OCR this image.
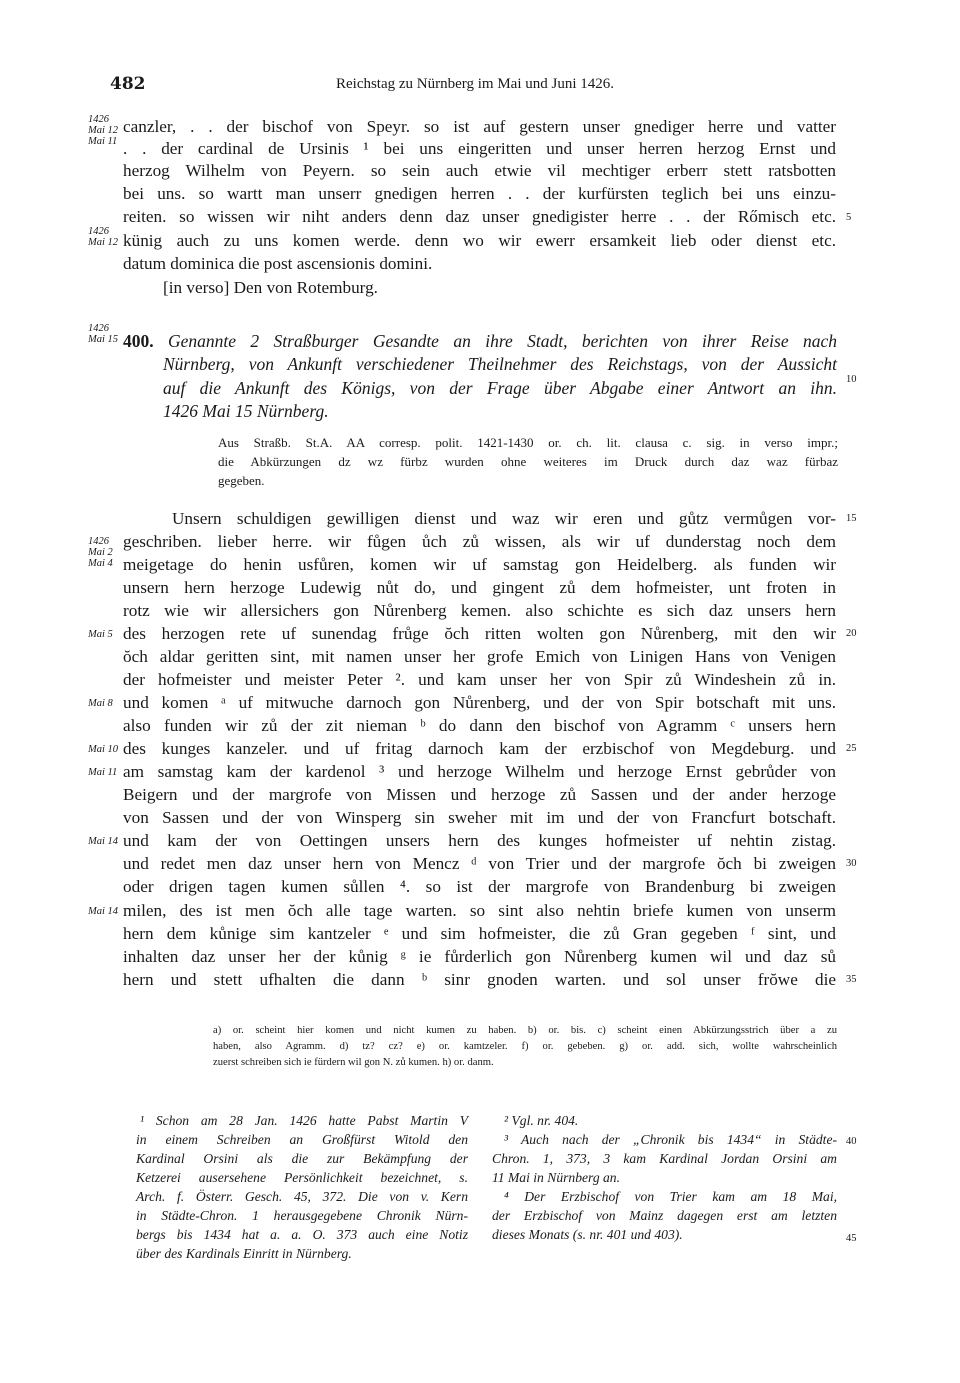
482	Reichstag zu Nürnberg im Mai und Juni 1426.
canzler, . . der bischof von Speyr. so ist auf gestern unser gnediger herre und vatter
. . der cardinal de Ursinis ¹ bei uns eingeritten und unser herren herzog Ernst und
herzog Wilhelm von Peyern. so sein auch etwie vil mechtiger erberr stett ratsbotten
bei uns. so wartt man unserr gnedigen herren . . der kurfürsten teglich bei uns einzu-
reiten. so wissen wir niht anders denn daz unser gnedigister herre . . der Rőmisch etc.
künig auch zu uns komen werde. denn wo wir ewerr ersamkeit lieb oder dienst etc.
datum dominica die post ascensionis domini.
[in verso] Den von Rotemburg.
1426
Mai 12
Mai 11
1426
Mai 12
1426
Mai 15 400. Genannte 2 Straßburger Gesandte an ihre Stadt, berichten von ihrer Reise nach
Nürnberg, von Ankunft verschiedener Theilnehmer des Reichstags, von der Aussicht
auf die Ankunft des Königs, von der Frage über Abgabe einer Antwort an ihn.
1426 Mai 15 Nürnberg.
Aus Straßb. St.A. AA corresp. polit. 1421-1430 or. ch. lit. clausa c. sig. in verso impr.;
die Abkürzungen dz wz fürbz wurden ohne weiteres im Druck durch daz waz fürbaz
gegeben.
Unsern schuldigen gewilligen dienst und waz wir eren und gůtz vermůgen vor-
geschriben. lieber herre. wir fůgen ůch zů wissen, als wir uf dunderstag noch dem
meigetage do henin usfůren, komen wir uf samstag gon Heidelberg. als funden wir
unsern hern herzoge Ludewig nůt do, und gingent zů dem hofmeister, unt froten in
rotz wie wir allersichers gon Nůrenberg kemen. also schichte es sich daz unsers hern
des herzogen rete uf sunendag frůge ŏch ritten wolten gon Nůrenberg, mit den wir
ŏch aldar geritten sint, mit namen unser her grofe Emich von Linigen Hans von Venigen
der hofmeister und meister Peter ². und kam unser her von Spir zů Windeshein zů in.
und komen ᵃ uf mitwuche darnoch gon Nůrenberg, und der von Spir botschaft mit uns.
also funden wir zů der zit nieman ᵇ do dann den bischof von Agramm ᶜ unsers hern
des kunges kanzeler. und uf fritag darnoch kam der erzbischof von Megdeburg. und
am samstag kam der kardenol ³ und herzoge Wilhelm und herzoge Ernst gebrůder von
Beigern und der margrofe von Missen und herzoge zů Sassen und der ander herzoge
von Sassen und der von Winsperg sin sweher mit im und der von Francfurt botschaft.
und kam der von Oettingen unsers hern des kunges hofmeister uf nehtin zistag.
und redet men daz unser hern von Mencz ᵈ von Trier und der margrofe ŏch bi zweigen
oder drigen tagen kumen sůllen ⁴. so ist der margrofe von Brandenburg bi zweigen
milen, des ist men ŏch alle tage warten. so sint also nehtin briefe kumen von unserm
hern dem kůnige sim kantzeler ᵉ und sim hofmeister, die zů Gran gegeben ᶠ sint, und
inhalten daz unser her der kůnig ᵍ ie fůrderlich gon Nůrenberg kumen wil und daz sů
hern und stett ufhalten die dann ᵇ sinr gnoden warten. und sol unser frŏwe die
1426
Mai 2
Mai 4
Mai 5
Mai 8
Mai 10
Mai 11
Mai 14
Mai 14
5
10
15
20
25
30
35
40
45
a) or. scheint hier komen und nicht kumen zu haben. b) or. bis. c) scheint einen Abkürzungsstrich über a zu
haben, also Agramm. d) tz? cz? e) or. kamtzeler. f) or. gebeben. g) or. add. sich, wollte wahrscheinlich
zuerst schreiben sich ie fürdern wil gon N. zů kumen. h) or. danm.
¹ Schon am 28 Jan. 1426 hatte Pabst Martin V
in einem Schreiben an Großfürst Witold den
Kardinal Orsini als die zur Bekämpfung der
Ketzerei ausersehene Persönlichkeit bezeichnet, s.
Arch. f. Österr. Gesch. 45, 372. Die von v. Kern
in Städte-Chron. 1 herausgegebene Chronik Nürn-
bergs bis 1434 hat a. a. O. 373 auch eine Notiz
über des Kardinals Einritt in Nürnberg.
² Vgl. nr. 404.
³ Auch nach der „Chronik bis 1434“ in Städte-
Chron. 1, 373, 3 kam Kardinal Jordan Orsini am
11 Mai in Nürnberg an.
⁴ Der Erzbischof von Trier kam am 18 Mai,
der Erzbischof von Mainz dagegen erst am letzten
dieses Monats (s. nr. 401 und 403).
